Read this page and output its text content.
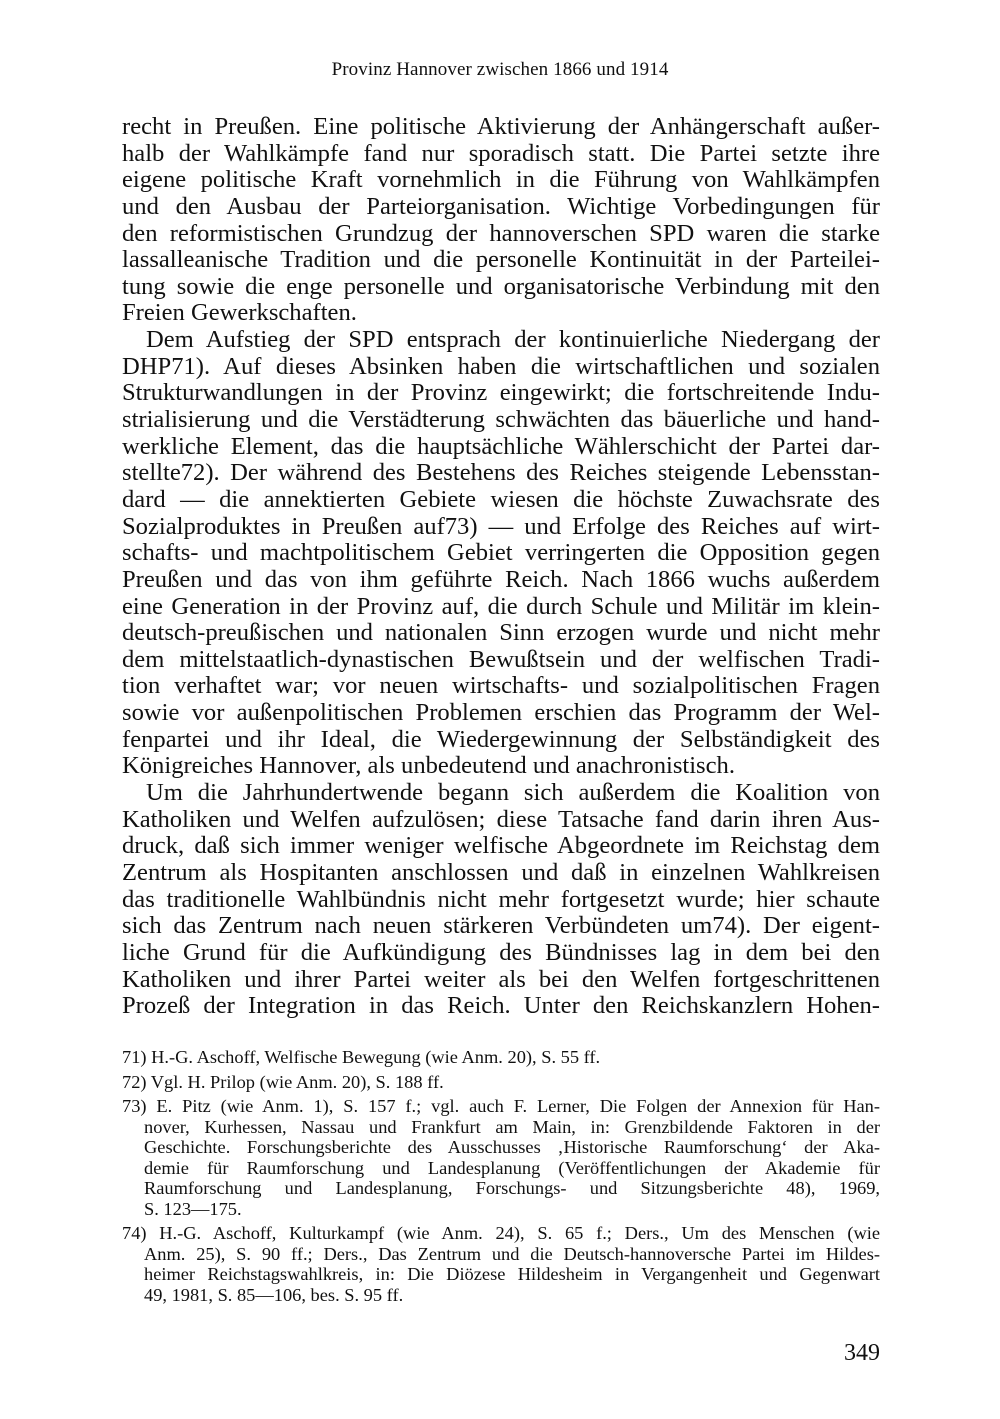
Provinz Hannover zwischen 1866 und 1914
recht in Preußen. Eine politische Aktivierung der Anhängerschaft außer-
halb der Wahlkämpfe fand nur sporadisch statt. Die Partei setzte ihre
eigene politische Kraft vornehmlich in die Führung von Wahlkämpfen
und den Ausbau der Parteiorganisation. Wichtige Vorbedingungen für
den reformistischen Grundzug der hannoverschen SPD waren die starke
lassalleanische Tradition und die personelle Kontinuität in der Parteilei-
tung sowie die enge personelle und organisatorische Verbindung mit den
Freien Gewerkschaften.
Dem Aufstieg der SPD entsprach der kontinuierliche Niedergang der
DHP71). Auf dieses Absinken haben die wirtschaftlichen und sozialen
Strukturwandlungen in der Provinz eingewirkt; die fortschreitende Indu-
strialisierung und die Verstädterung schwächten das bäuerliche und hand-
werkliche Element, das die hauptsächliche Wählerschicht der Partei dar-
stellte72). Der während des Bestehens des Reiches steigende Lebensstan-
dard — die annektierten Gebiete wiesen die höchste Zuwachsrate des
Sozialproduktes in Preußen auf73) — und Erfolge des Reiches auf wirt-
schafts- und machtpolitischem Gebiet verringerten die Opposition gegen
Preußen und das von ihm geführte Reich. Nach 1866 wuchs außerdem
eine Generation in der Provinz auf, die durch Schule und Militär im klein-
deutsch-preußischen und nationalen Sinn erzogen wurde und nicht mehr
dem mittelstaatlich-dynastischen Bewußtsein und der welfischen Tradi-
tion verhaftet war; vor neuen wirtschafts- und sozialpolitischen Fragen
sowie vor außenpolitischen Problemen erschien das Programm der Wel-
fenpartei und ihr Ideal, die Wiedergewinnung der Selbständigkeit des
Königreiches Hannover, als unbedeutend und anachronistisch.
Um die Jahrhundertwende begann sich außerdem die Koalition von
Katholiken und Welfen aufzulösen; diese Tatsache fand darin ihren Aus-
druck, daß sich immer weniger welfische Abgeordnete im Reichstag dem
Zentrum als Hospitanten anschlossen und daß in einzelnen Wahlkreisen
das traditionelle Wahlbündnis nicht mehr fortgesetzt wurde; hier schaute
sich das Zentrum nach neuen stärkeren Verbündeten um74). Der eigent-
liche Grund für die Aufkündigung des Bündnisses lag in dem bei den
Katholiken und ihrer Partei weiter als bei den Welfen fortgeschrittenen
Prozeß der Integration in das Reich. Unter den Reichskanzlern Hohen-
71) H.-G. Aschoff, Welfische Bewegung (wie Anm. 20), S. 55 ff.
72) Vgl. H. Prilop (wie Anm. 20), S. 188 ff.
73) E. Pitz (wie Anm. 1), S. 157 f.; vgl. auch F. Lerner, Die Folgen der Annexion für Han-
nover, Kurhessen, Nassau und Frankfurt am Main, in: Grenzbildende Faktoren in der
Geschichte. Forschungsberichte des Ausschusses ‚Historische Raumforschung‘ der Aka-
demie für Raumforschung und Landesplanung (Veröffentlichungen der Akademie für
Raumforschung und Landesplanung, Forschungs- und Sitzungsberichte 48), 1969,
S. 123—175.
74) H.-G. Aschoff, Kulturkampf (wie Anm. 24), S. 65 f.; Ders., Um des Menschen (wie
Anm. 25), S. 90 ff.; Ders., Das Zentrum und die Deutsch-hannoversche Partei im Hildes-
heimer Reichstagswahlkreis, in: Die Diözese Hildesheim in Vergangenheit und Gegenwart
49, 1981, S. 85—106, bes. S. 95 ff.
349
